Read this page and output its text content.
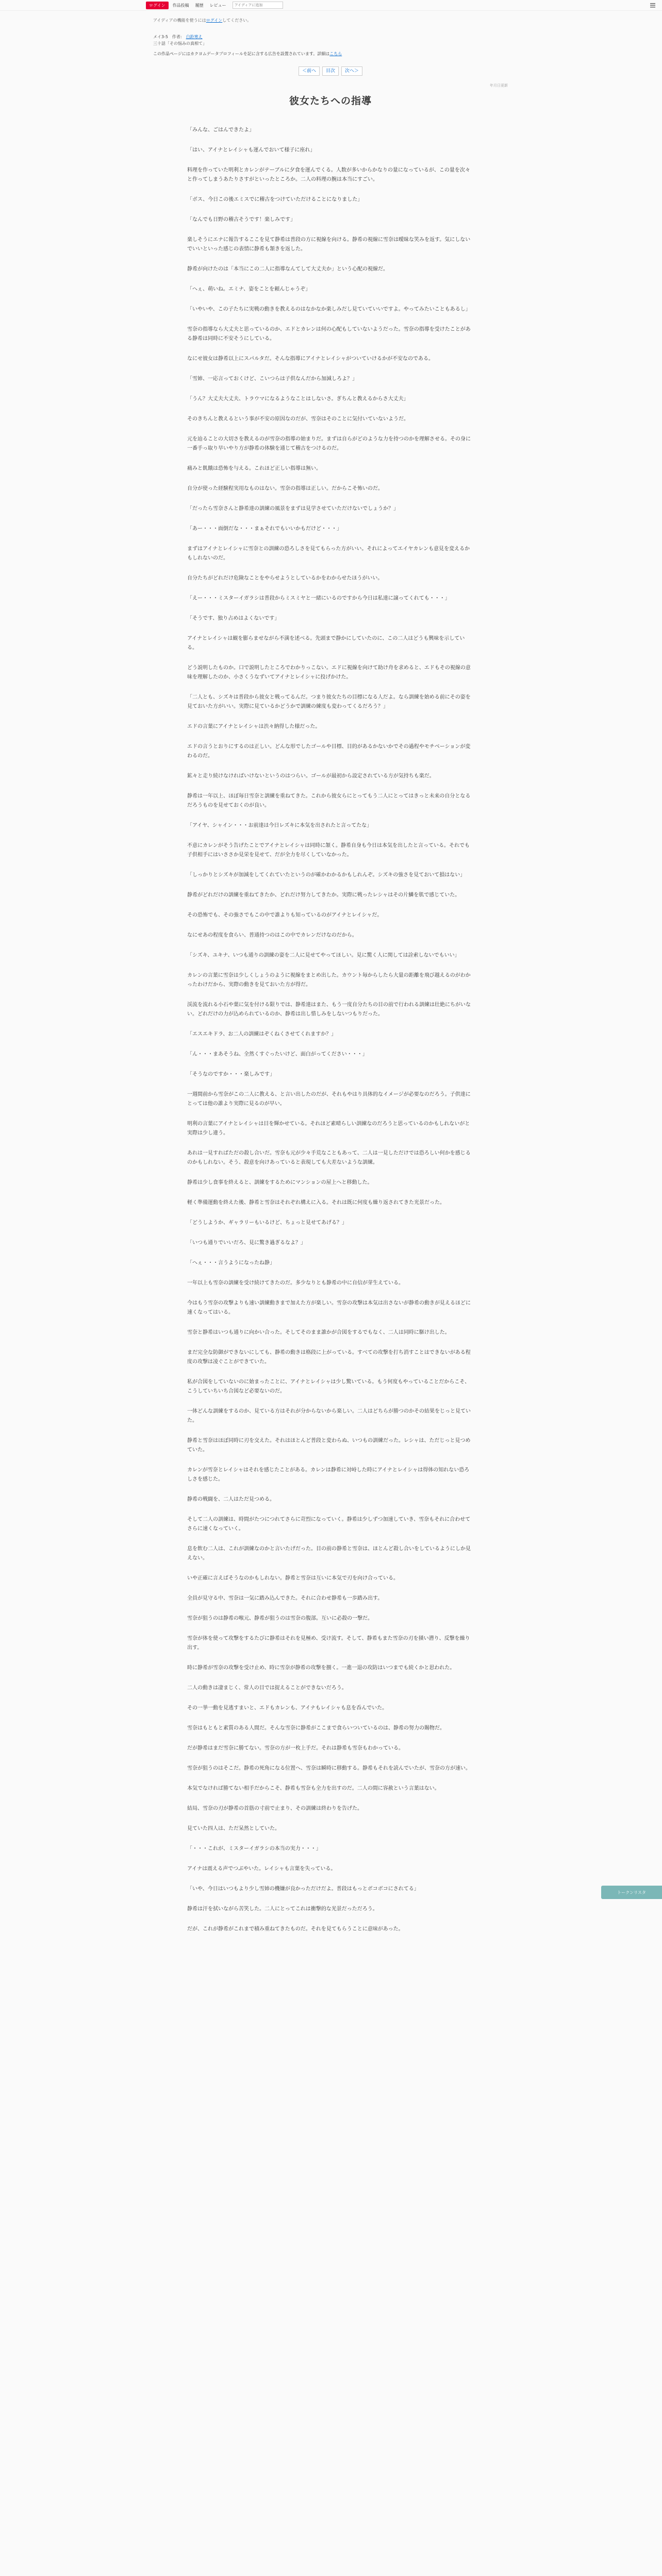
ログイン	作品投稿	履歴	レビュー
アイディアに追加
アイディアの機能を使うにはログインしてください。
メイ3-5 作者: 白鈴寒え
三十話「その悩みの真相て」
この作品ページにはカクヨムデータプロフィールを記に含する広告を設置されています。詳細はこちら
＜前へ 目次 次へ＞
年月日更新
彼女たちへの指導

「みんな、ごはんできたよ」

「はい、アイナとレイシャも運んでおいて様子に座れ」

料理を作っていた明利とカレンがテーブルに夕食を運んでくる。人数が多いからかなりの量になっているが、この量を次々と作ってしまうあたりさすがといったところか。二人の料理の腕は本当にすごい。

「ボス、今日この後エミスでに稽古をつけていただけることになりました」

「なんでも日野の稽古そうです！楽しみです」

楽しそうにエナに報告するここを見て静希は普段の方に視線を向ける。静希の視線に雪奈は曖昧な笑みを返す。気にしないでいいといった感じの表情に静希も頷きを返した。

静希が向けたのは「本当にこの二人に指導なんてして大丈夫か」という心配の視線だ。

「へぇ、萌いね。エミナ、姿をことを頼んじゃうぞ」

「いやいや、この子たちに実戦の動きを教えるのはなかなか楽しみだし見ていていいですよ。やってみたいこともあるし」

雪奈の指導なら大丈夫と思っているのか、エドとカレンは何の心配もしていないようだった。雪奈の指導を受けたことがある静希は同時に不安そうにしている。

なにせ彼女は静希以上にスパルタだ。そんな指導にアイナとレイシャがついていけるかが不安なのである。

「雪姉、一応言っておくけど、こいつらは子供なんだから加減しろよ？」

「うん？大丈夫大丈夫、トラウマになるようなことはしないさ。ぎちんと教えるからさ大丈夫」

そのきちんと教えるという事が不安の原因なのだが、雪奈はそのことに気付いていないようだ。

元を辿ることの大切さを教えるのが雪奈の指導の始まりだ。まずは自らがどのような力を持つのかを理解させる。その身に一番手っ取り早いやり方が静希の体験を通じて稽古をつけるのだ。

痛みと飢餓は恐怖を与える。これほど正しい指導は無い。

自分が使った経験程実用なものはない。雪奈の指導は正しい。だからこそ怖いのだ。

「だったら雪奈さんと静希達の訓練の風景をまずは見学させていただけないでしょうか？」

「あー・・・面倒だな・・・まぁそれでもいいかもだけど・・・」

まずはアイナとレイシャに雪奈との訓練の恐ろしさを見てもらった方がいい。それによってエイヤカレンも意見を変えるかもしれないのだ。

自分たちがどれだけ危険なことをやらせようとしているかをわからせたほうがいい。

「えー・・・ミスターイガラシは普段からミスミヤと一緒にいるのですから今日は私達に譲ってくれても・・・」

「そうです、独り占めはよくないです」

アイナとレイシャは観を膨らませながら不満を述べる。先頭まで静かにしていたのに、この二人はどうも興味を示している。

どう説明したものか。口で説明したところでわかりっこない。エドに視線を向けて助け舟を求めると、エドもその視線の意味を理解したのか、小さくうなずいてアイナとレイシャに投げかけた。

「二人とも、シズキは普段から彼女と戦ってるんだ。つまり彼女たちの目標になる人だよ。なら訓練を始める前にその姿を見ておいた方がいい。実際に見ているかどうかで訓練の練度も変わってくるだろう？」

エドの言葉にアイナとレイシャは渋々納得した様だった。

エドの言うとおりにするのは正しい。どんな形でしたゴールや目標、目的があるかないかでその過程やモチベーションが変わるのだ。

鉱々と走り続けなければいけないというのはつらい。ゴールが最初から設定されている方が気持ちも楽だ。

静希は一年以上、ほぼ毎日雪奈と訓練を重ねてきた。これから彼女らにとってもう二人にとってはきっと未来の自分となるだろうものを見せておくのが良い。

「アイヤ、シャイン・・・お前達は今日レズキに本気を出されたと言ってたな」

不意にカレンがそう告げたことでアイナとレイシャは同時に頷く。静希自身も今日は本気を出したと言っている。それでも子供相手にはいささか見栄を見せて、だが全力を尽くしていなかった。

「しっかりとシズキが加減をしてくれていたというのが確かわかるかもしれんぞ。シズキの強さを見ておいて損はない」

静希がどれだけの訓練を重ねてきたか、どれだけ努力してきたか。実際に戦ったレシャはその片鱗を肌で感じていた。

その恐怖でも、その強さでもこの中で誰よりも知っているのがアイナとレイシャだ。

なにせあの程度を食らい、普通持つのはこの中でカレンだけなのだから。

「シズキ、ユキナ、いつも通りの訓練の姿を二人に見せてやってほしい。見に驚く人に関しては詮索しないでもいい」

カレンの言葉に雪奈は少しくしょうのように視線をまとめ出した。カウント毎からしたら大量の距離を飛び越えるのがわかったわけだから、実際の動きを見ておいた方が得だ。

渓流を流れる小石や葉に気を付ける限りでは、静希達はまた、もう一度自分たちの目の前で行われる訓練は壮絶にちがいない。どれだけの力が込められているのか、静希は出し惜しみをしないつもりだった。

「エスエキドラ、お二人の訓練はぞくねくさせてくれますか？」

「ん・・・まあそうね、全然くすぐったいけど、面白がってください・・・」

「そうなのですか・・・楽しみです」

一週間前から雪奈がこの二人に教える、と言い出したのだが、それもやはり具体的なイメージが必要なのだろう。子供達にとっては他の誰より実際に見るのが早い。

明利の言葉にアイナとレイシャは目を輝かせている。それほど素晴らしい訓練なのだろうと思っているのかもしれないがと実際は少し違う。

あれは一見すればただの殺し合いだ。雪奈も元が少々手荒なこともあって、二人は一見しただけでは恐ろしい何かを感じるのかもしれない。そう、殺意を向けあっていると表現しても大差ないような訓練。

静希は少し食事を終えると、訓練をするためにマンションの屋上へと移動した。

軽く準備運動を終えた後、静希と雪奈はそれぞれ構えに入る。それは既に何度も繰り返されてきた光景だった。

「どうしようか、ギャラリーもいるけど、ちょっと見せてあげる？」

「いつも通りでいいだろ、見に驚き過ぎるなよ？」

「へぇ・・・言うようになったね静」

一年以上も雪奈の訓練を受け続けてきたのだ。多少なりとも静希の中に自信が芽生えている。

今はもう雪奈の攻撃よりも速い訓練動きまで加えた方が楽しい。雪奈の攻撃は本気は出さないが静希の動きが見えるほどに速くなってはいる。

雪奈と静希はいつも通りに向かい合った。そしてそのまま誰かが合図をするでもなく、二人は同時に駆け出した。

まだ完全な防御ができないにしても、静希の動きは格段に上がっている。すべての攻撃を打ち消すことはできないがある程度の攻撃は凌ぐことができていた。

私が合図をしていないのに始まったことに、アイナとレイシャは少し驚いている。もう何度もやっていることだからこそ、こうしていちいち合図など必要ないのだ。

一体どんな訓練をするのか、見ている方はそれが分からないから楽しい。二人はどちらが勝つのかその結果をじっと見ていた。

静希と雪奈はほぼ同時に刃を交えた。それはほとんど普段と変わらぬ、いつもの訓練だった。レシャは、ただじっと見つめていた。

カレンが雪奈とレイシャはそれを感じたことがある。カレンは静希に対峙した時にアイナとレイシャは得体の知れない恐ろしさを感じた。

静希の戦闘を、二人はただ見つめる。

そして二人の訓練は、時間がたつにつれてさらに苛烈になっていく。静希は少しずつ加速していき、雪奈もそれに合わせてさらに速くなっていく。

息を飲む二人は、これが訓練なのかと言いたげだった。目の前の静希と雪奈は、ほとんど殺し合いをしているようにしか見えない。

いや正確に言えばそうなのかもしれない。静希と雪奈は互いに本気で刃を向け合っている。

全員が見守る中、雪奈は一気に踏み込んできた。それに合わせ静希も一歩踏み出す。

雪奈が狙うのは静希の喉元、静希が狙うのは雪奈の腹部。互いに必殺の一撃だ。

雪奈が体を使って攻撃をするたびに静希はそれを見極め、受け流す。そして、静希もまた雪奈の刃を掻い潜り、反撃を繰り出す。

時に静希が雪奈の攻撃を受け止め、時に雪奈が静希の攻撃を捌く。一進一退の攻防はいつまでも続くかと思われた。

二人の動きは凄まじく、常人の目では捉えることができないだろう。

その一挙一動を見逃すまいと、エドもカレンも、アイナもレイシャも息を呑んでいた。

雪奈はもともと素質のある人間だ。そんな雪奈に静希がここまで食らいついているのは、静希の努力の賜物だ。

だが静希はまだ雪奈に勝てない。雪奈の方が一枚上手だ。それは静希も雪奈もわかっている。

雪奈が狙うのはそこだ。静希の死角になる位置へ、雪奈は瞬時に移動する。静希もそれを読んでいたが、雪奈の方が速い。

本気でなければ勝てない相手だからこそ、静希も雪奈も全力を出すのだ。二人の間に容赦という言葉はない。

結局、雪奈の刃が静希の首筋の寸前で止まり、その訓練は終わりを告げた。

見ていた四人は、ただ呆然としていた。

「・・・これが、ミスターイガラシの本当の実力・・・」

アイナは震える声でつぶやいた。レイシャも言葉を失っている。

「いや、今日はいつもより少し雪姉の機嫌が良かっただけだよ。普段はもっとボコボコにされてる」

静希は汗を拭いながら苦笑した。二人にとってこれは衝撃的な光景だっただろう。

だが、これが静希がこれまで積み重ねてきたものだ。それを見てもらうことに意味があった。

トークンリスタ
